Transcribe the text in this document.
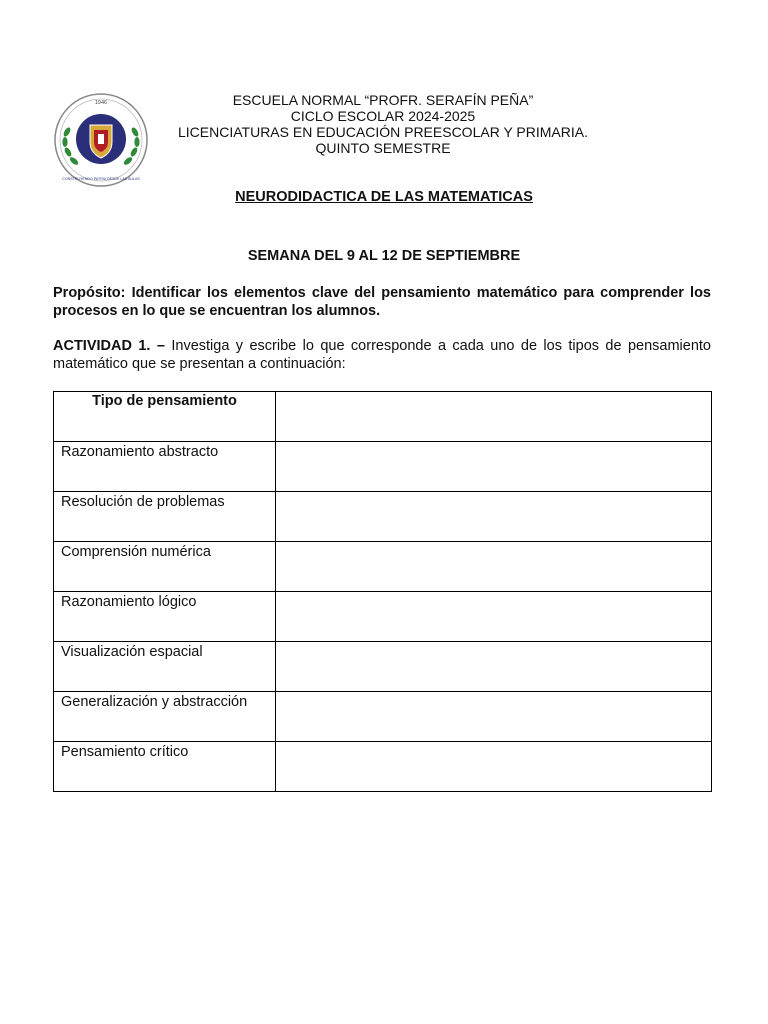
1946
CONSTRUYENDO PATRIA DESDE LAS AULAS
MONTEMORELOS N.L.
ESCUELA NORMAL “PROFR. SERAFÍN PEÑA”
CICLO ESCOLAR 2024-2025
LICENCIATURAS EN EDUCACIÓN PREESCOLAR Y PRIMARIA.
QUINTO SEMESTRE
NEURODIDACTICA DE LAS MATEMATICAS
SEMANA DEL 9 AL 12 DE SEPTIEMBRE
Propósito: Identificar los elementos clave del pensamiento matemático para comprender los procesos en lo que se encuentran los alumnos.
ACTIVIDAD 1. – Investiga y escribe lo que corresponde a cada uno de los tipos de pensamiento matemático que se presentan a continuación:
Tipo de pensamiento	

Razonamiento abstracto	

Resolución de problemas	

Comprensión numérica	

Razonamiento lógico	

Visualización espacial	

Generalización y abstracción	

Pensamiento crítico	
